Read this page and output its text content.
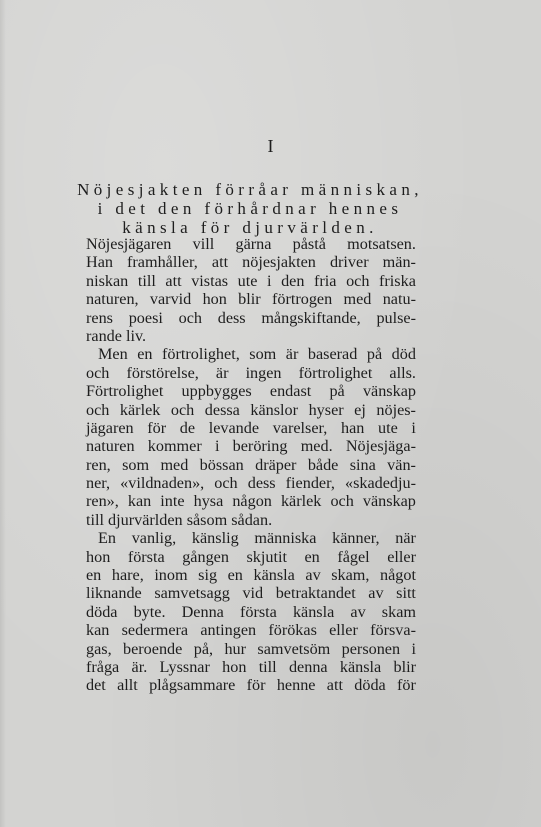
I
Nöjesjakten förråar människan,
i det den förhårdnar hennes
känsla för djurvärlden.
Nöjesjägaren vill gärna påstå motsatsen.
Han framhåller, att nöjesjakten driver män-
niskan till att vistas ute i den fria och friska
naturen, varvid hon blir förtrogen med natu-
rens poesi och dess mångskiftande, pulse-
rande liv.
Men en förtrolighet, som är baserad på död
och förstörelse, är ingen förtrolighet alls.
Förtrolighet uppbygges endast på vänskap
och kärlek och dessa känslor hyser ej nöjes-
jägaren för de levande varelser, han ute i
naturen kommer i beröring med. Nöjesjäga-
ren, som med bössan dräper både sina vän-
ner, «vildnaden», och dess fiender, «skadedju-
ren», kan inte hysa någon kärlek och vänskap
till djurvärlden såsom sådan.
En vanlig, känslig människa känner, när
hon första gången skjutit en fågel eller
en hare, inom sig en känsla av skam, något
liknande samvetsagg vid betraktandet av sitt
döda byte. Denna första känsla av skam
kan sedermera antingen förökas eller försva-
gas, beroende på, hur samvetsöm personen i
fråga är. Lyssnar hon till denna känsla blir
det allt plågsammare för henne att döda för
